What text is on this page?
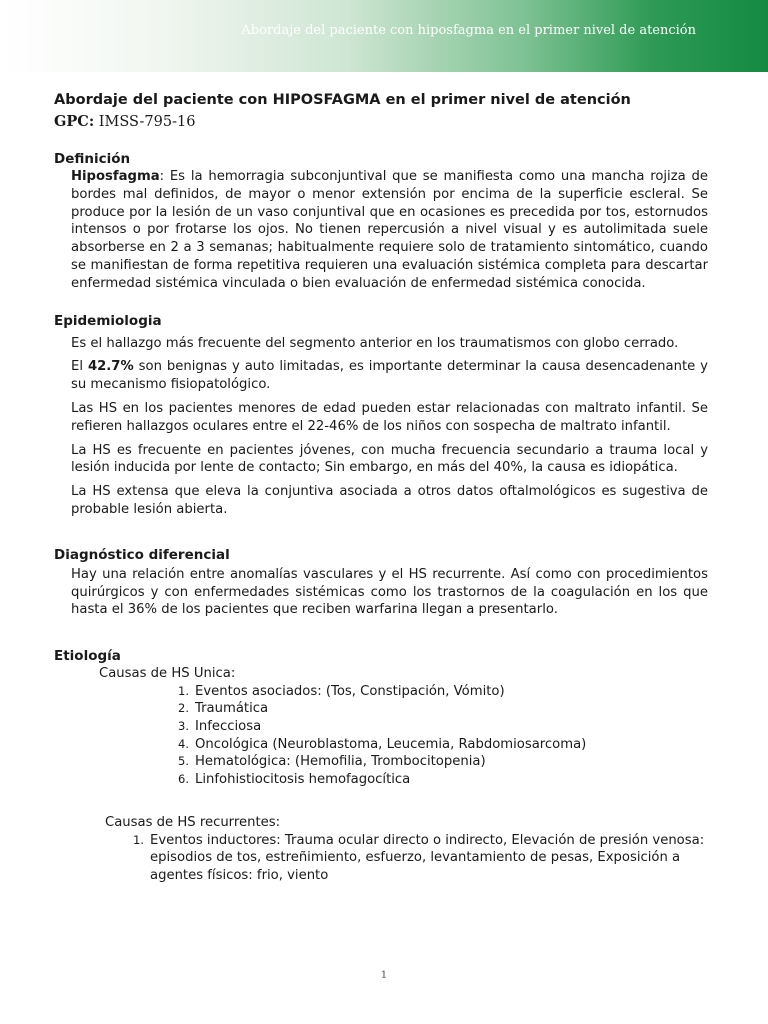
Abordaje del paciente con hiposfagma en el primer nivel de atención
Abordaje del paciente con HIPOSFAGMA en el primer nivel de atención
GPC: IMSS-795-16
Definición
Hiposfagma: Es la hemorragia subconjuntival que se manifiesta como una mancha rojiza de bordes mal definidos, de mayor o menor extensión por encima de la superficie escleral. Se produce por la lesión de un vaso conjuntival que en ocasiones es precedida por tos, estornudos intensos o por frotarse los ojos. No tienen repercusión a nivel visual y es autolimitada suele absorberse en 2 a 3 semanas; habitualmente requiere solo de tratamiento sintomático, cuando se manifiestan de forma repetitiva requieren una evaluación sistémica completa para descartar enfermedad sistémica vinculada o bien evaluación de enfermedad sistémica conocida.
Epidemiologia
Es el hallazgo más frecuente del segmento anterior en los traumatismos con globo cerrado.
El 42.7% son benignas y auto limitadas, es importante determinar la causa desencadenante y su mecanismo fisiopatológico.
Las HS en los pacientes menores de edad pueden estar relacionadas con maltrato infantil. Se refieren hallazgos oculares entre el 22-46% de los niños con sospecha de maltrato infantil.
La HS es frecuente en pacientes jóvenes, con mucha frecuencia secundario a trauma local y lesión inducida por lente de contacto; Sin embargo, en más del 40%, la causa es idiopática.
La HS extensa que eleva la conjuntiva asociada a otros datos oftalmológicos es sugestiva de probable lesión abierta.
Diagnóstico diferencial
Hay una relación entre anomalías vasculares y el HS recurrente. Así como con procedimientos quirúrgicos y con enfermedades sistémicas como los trastornos de la coagulación en los que hasta el 36% de los pacientes que reciben warfarina llegan a presentarlo.
Etiología
Causas de HS Unica:
1. Eventos asociados: (Tos, Constipación, Vómito)
2. Traumática
3. Infecciosa
4. Oncológica (Neuroblastoma, Leucemia, Rabdomiosarcoma)
5. Hematológica: (Hemofilia, Trombocitopenia)
6. Linfohistiocitosis hemofagocítica
Causas de HS recurrentes:
1. Eventos inductores: Trauma ocular directo o indirecto, Elevación de presión venosa: episodios de tos, estreñimiento, esfuerzo, levantamiento de pesas, Exposición a agentes físicos: frio, viento
1
